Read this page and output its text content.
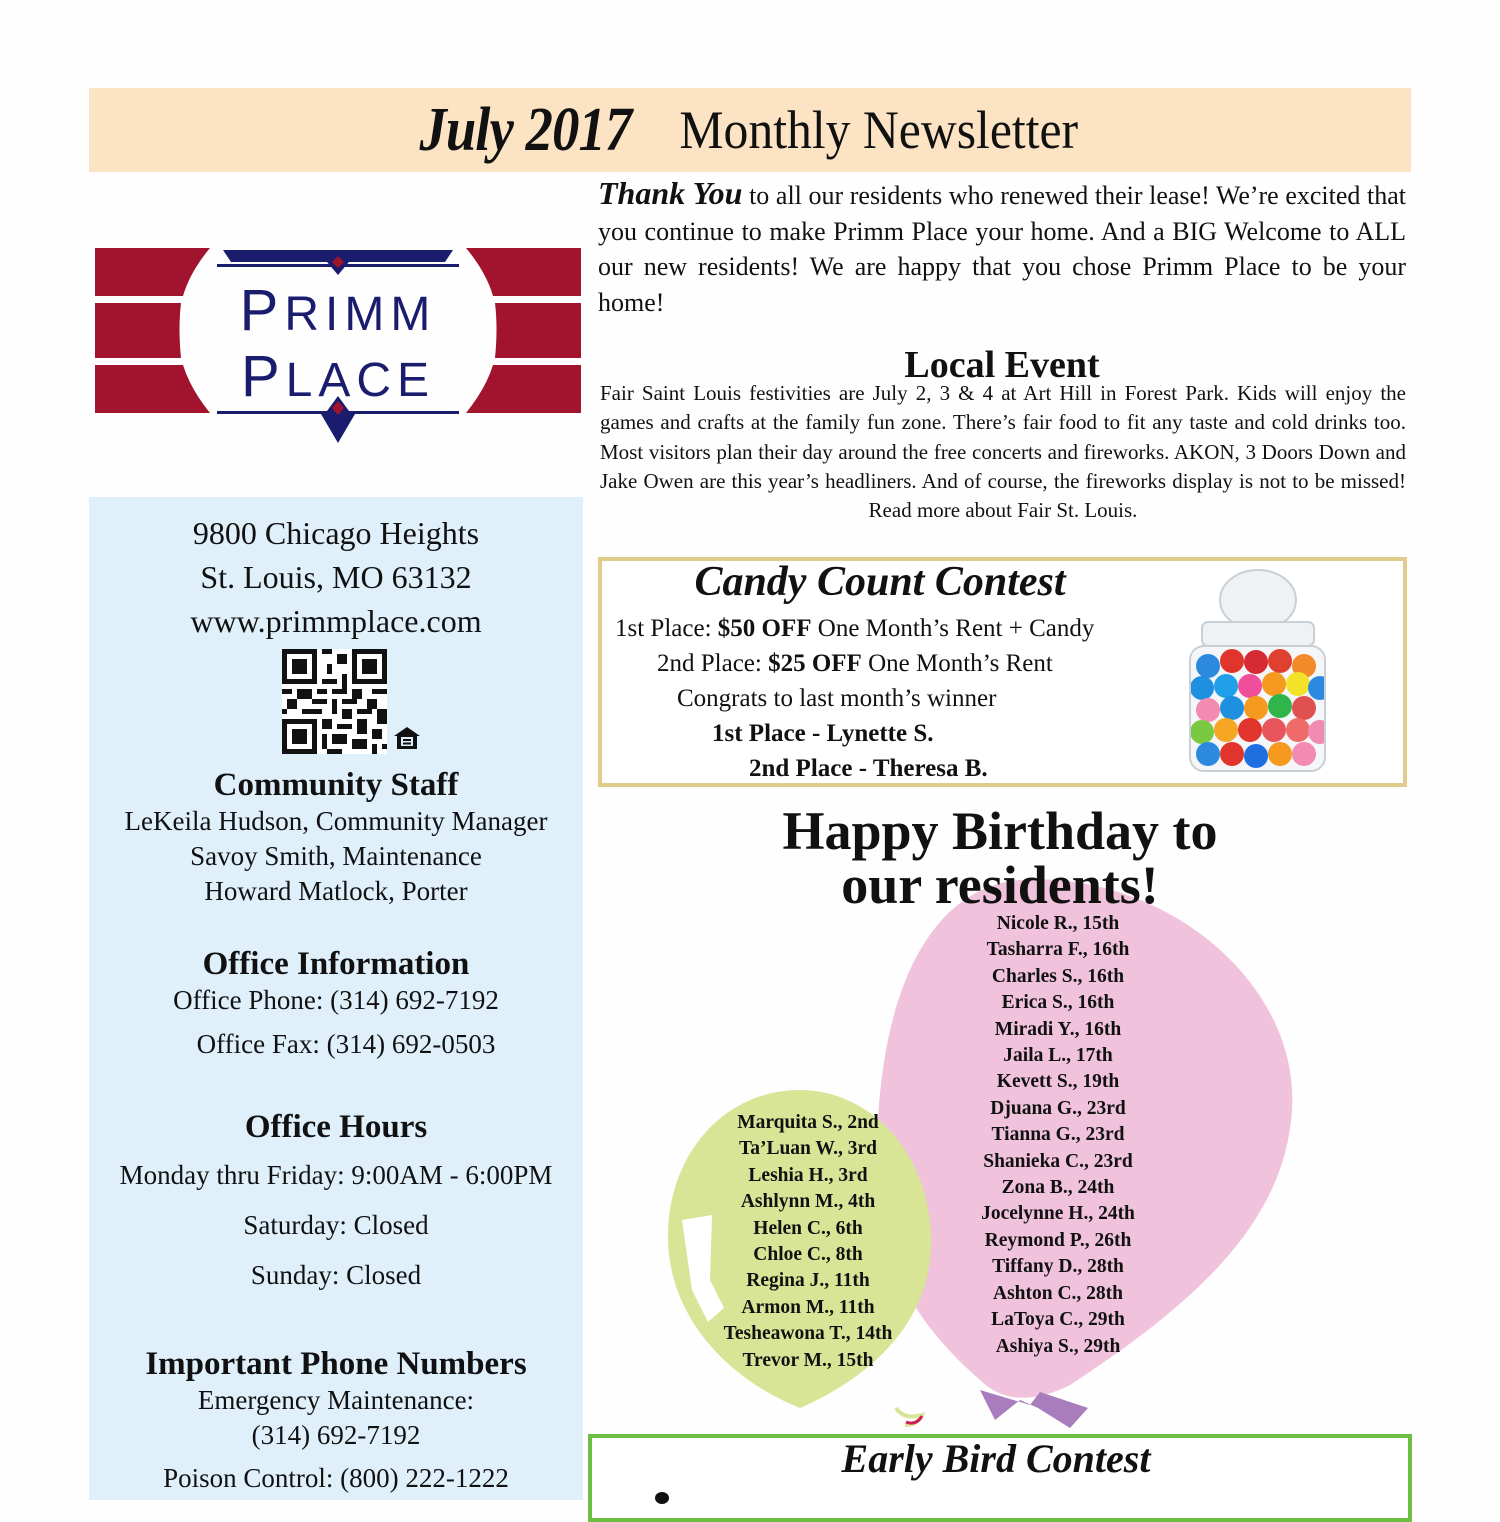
July 2017 Monthly Newsletter
PRIMM
PLACE
9800 Chicago Heights
St. Louis, MO 63132
www.primmplace.com
Community Staff
LeKeila Hudson, Community Manager
Savoy Smith, Maintenance
Howard Matlock, Porter
Office Information
Office Phone: (314) 692-7192
Office Fax: (314) 692-0503
Office Hours
Monday thru Friday: 9:00AM - 6:00PM
Saturday: Closed
Sunday: Closed
Important Phone Numbers
Emergency Maintenance:
(314) 692-7192
Poison Control: (800) 222-1222
Thank You to all our residents who renewed their lease! We’re excited that you continue to make Primm Place your home. And a BIG Welcome to ALL our new residents! We are happy that you chose Primm Place to be your home!
Local Event
Fair Saint Louis festivities are July 2, 3 & 4 at Art Hill in Forest Park. Kids will enjoy the games and crafts at the family fun zone. There’s fair food to fit any taste and cold drinks too. Most visitors plan their day around the free concerts and fireworks. AKON, 3 Doors Down and Jake Owen are this year’s headliners. And of course, the fireworks display is not to be missed! Read more about Fair St. Louis.
Candy Count Contest
1st Place: $50 OFF One Month’s Rent + Candy
2nd Place: $25 OFF One Month’s Rent
Congrats to last month’s winner
1st Place - Lynette S.
2nd Place - Theresa B.
Happy Birthday to
our residents!
Marquita S., 2nd
Ta’Luan W., 3rd
Leshia H., 3rd
Ashlynn M., 4th
Helen C., 6th
Chloe C., 8th
Regina J., 11th
Armon M., 11th
Tesheawona T., 14th
Trevor M., 15th
Nicole R., 15th
Tasharra F., 16th
Charles S., 16th
Erica S., 16th
Miradi Y., 16th
Jaila L., 17th
Kevett S., 19th
Djuana G., 23rd
Tianna G., 23rd
Shanieka C., 23rd
Zona B., 24th
Jocelynne H., 24th
Reymond P., 26th
Tiffany D., 28th
Ashton C., 28th
LaToya C., 29th
Ashiya S., 29th
Early Bird Contest
